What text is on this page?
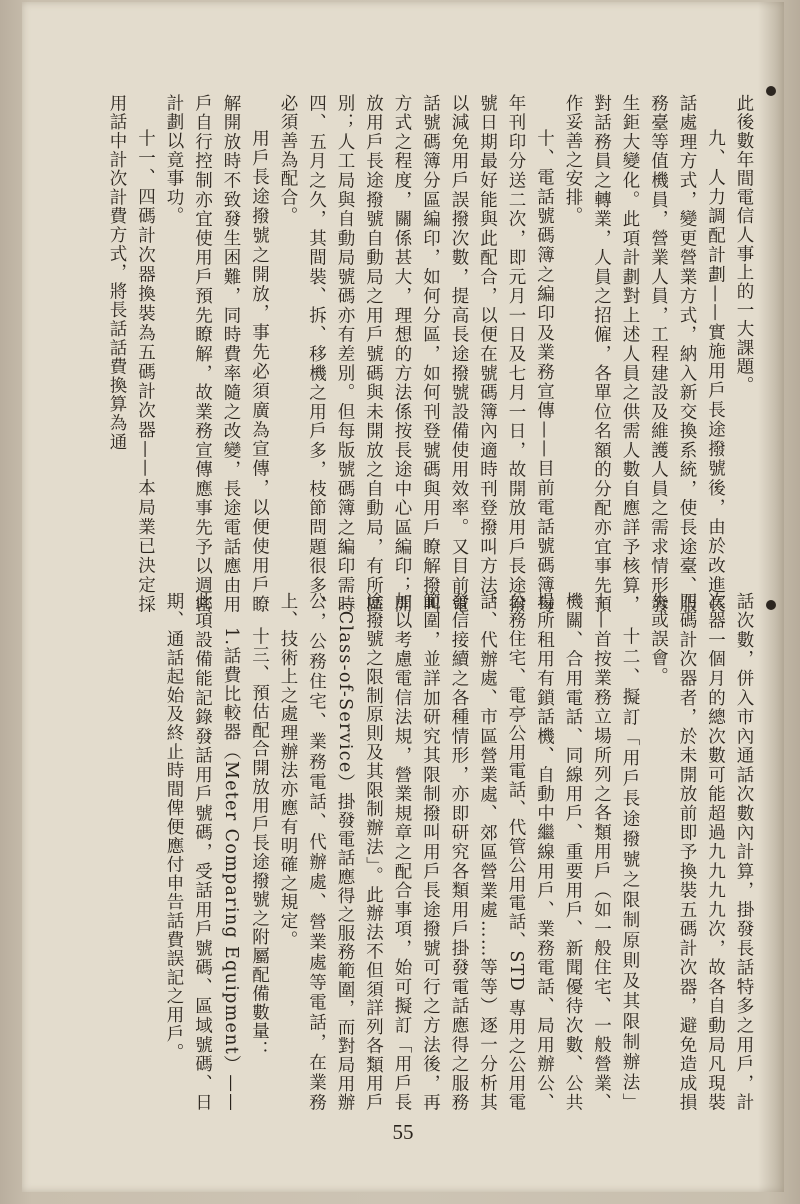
此後數年間電信人事上的一大課題。

九、人力調配計劃——實施用戶長途撥號後，由於改進長話處理方式，變更營業方式，納入新交換系統，使長途臺、服務臺等值機員，營業人員，工程建設及維護人員之需求情形發生鉅大變化。此項計劃對上述人員之供需人數自應詳予核算，對話務員之轉業，人員之招僱，各單位名額的分配亦宜事先預作妥善之安排。

十、電話號碼簿之編印及業務宣傳——目前電話號碼簿每年刊印分送二次，即元月一日及七月一日，故開放用戶長途撥號日期最好能與此配合，以便在號碼簿內適時刊登撥叫方法，以減免用戶誤撥次數，提高長途撥號設備使用效率。又目前電話號碼簿分區編印，如何分區，如何刊登號碼與用戶瞭解撥叫方式之程度，關係甚大，理想的方法係按長途中心區編印；開放用戶長途撥號自動局之用戶號碼與未開放之自動局，有所區別；人工局與自動局號碼亦有差別。但每版號碼簿之編印需時四、五月之久，其間裝、拆、移機之用戶多，枝節問題很多，必須善為配合。

用戶長途撥號之開放，事先必須廣為宣傳，以便使用戶瞭解開放時不致發生困難，同時費率隨之改變，長途電話應由用戶自行控制亦宜使用戶預先瞭解，故業務宣傳應事先予以週密計劃以竟事功。

十一、四碼計次器換裝為五碼計次器——本局業已決定採用話中計次計費方式，將長話話費換算為通

話次數，併入市內通話次數內計算，掛發長話特多之用戶，計次器一個月的總次數可能超過九九九九次，故各自動局凡現裝四碼計次器者，於未開放前即予換裝五碼計次器，避免造成損失或誤會。

十二、擬訂「用戶長途撥號之限制原則及其限制辦法」——首按業務立場所列之各類用戶（如一般住宅、一般營業、機關、合用電話、同線用戶、重要用戶、新聞優待次數、公共場所租用有鎖話機、自動中繼線用戶、業務電話、局用辦公、公務住宅、電亭公用電話、代管公用電話、STD 專用之公用電話、代辦處、市區營業處、郊區營業處……等等）逐一分析其發信接續之各種情形，亦即研究各類用戶掛發電話應得之服務範圍，並詳加研究其限制撥叫用戶長途撥號可行之方法後，再加以考慮電信法規，營業規章之配合事項，始可擬訂「用戶長途撥號之限制原則及其限制辦法」。此辦法不但須詳列各類用戶（Class-of-Service）掛發電話應得之服務範圍，而對局用辦公，公務住宅、業務電話、代辦處、營業處等電話，在業務上、技術上之處理辦法亦應有明確之規定。

十三、預估配合開放用戶長途撥號之附屬配備數量：

1.話費比較器（Meter Comparing Equipment）——此項設備能記錄發話用戶號碼，受話用戶號碼、區域號碼、日期、通話起始及終止時間俾便應付申告話費誤記之用戶。

55
